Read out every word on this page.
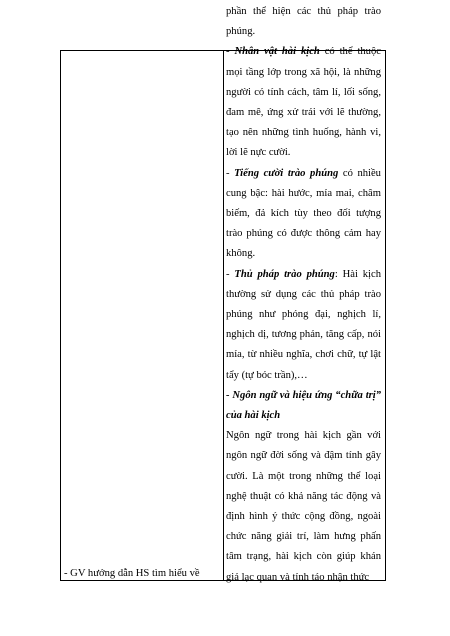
phần thể hiện các thủ pháp trào phúng.

- Nhân vật hài kịch có thể thuộc mọi tầng lớp trong xã hội, là những người có tính cách, tâm lí, lối sống, đam mê, ứng xử trái với lẽ thường, tạo nên những tình huống, hành vi, lời lẽ nực cười.

- Tiếng cười trào phúng có nhiều cung bậc: hài hước, mỉa mai, châm biếm, đả kích tùy theo đối tượng trào phúng có được thông cảm hay không.

- Thủ pháp trào phúng: Hài kịch thường sử dụng các thủ pháp trào phúng như phóng đại, nghịch lí, nghịch dị, tương phản, tăng cấp, nói mỉa, từ nhiều nghĩa, chơi chữ, tự lật tẩy (tự bóc trần),…

- Ngôn ngữ và hiệu ứng “chữa trị” của hài kịch

Ngôn ngữ trong hài kịch gần với ngôn ngữ đời sống và đậm tính gây cười. Là một trong những thể loại nghệ thuật có khả năng tác động và định hình ý thức cộng đồng, ngoài chức năng giải trí, làm hưng phấn tâm trạng, hài kịch còn giúp khán giả lạc quan và tỉnh táo nhận thức

- GV hướng dẫn HS tìm hiểu về
